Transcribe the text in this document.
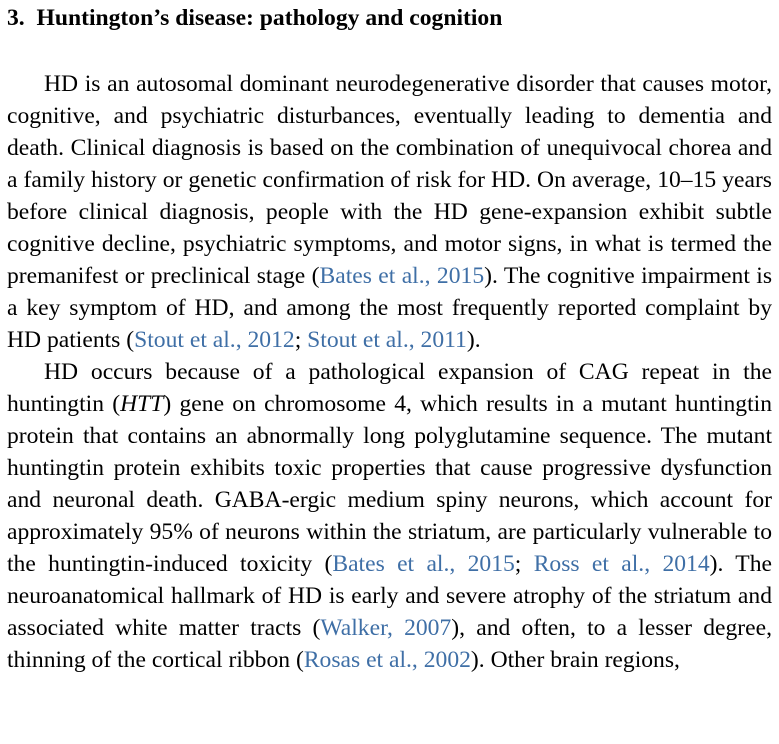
3. Huntington’s disease: pathology and cognition

HD is an autosomal dominant neurodegenerative disorder that causes motor, cognitive, and psychiatric disturbances, eventually leading to dementia and death. Clinical diagnosis is based on the combination of unequivocal chorea and a family history or genetic confirmation of risk for HD. On average, 10–15 years before clinical diagnosis, people with the HD gene-expansion exhibit subtle cognitive decline, psychiatric symptoms, and motor signs, in what is termed the premanifest or preclinical stage (Bates et al., 2015). The cognitive impairment is a key symptom of HD, and among the most frequently reported complaint by HD patients (Stout et al., 2012; Stout et al., 2011).

HD occurs because of a pathological expansion of CAG repeat in the huntingtin (HTT) gene on chromosome 4, which results in a mutant huntingtin protein that contains an abnormally long polyglutamine sequence. The mutant huntingtin protein exhibits toxic properties that cause progressive dysfunction and neuronal death. GABA-ergic medium spiny neurons, which account for approximately 95% of neurons within the striatum, are particularly vulnerable to the huntingtin-induced toxicity (Bates et al., 2015; Ross et al., 2014). The neuroanatomical hallmark of HD is early and severe atrophy of the striatum and associated white matter tracts (Walker, 2007), and often, to a lesser degree, thinning of the cortical ribbon (Rosas et al., 2002). Other brain regions,
